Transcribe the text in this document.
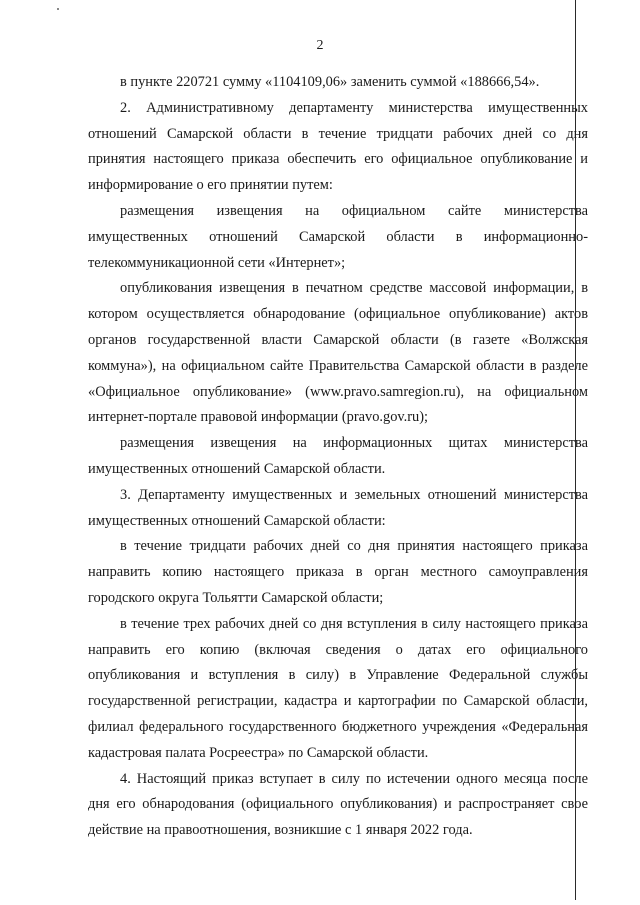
2

в пункте 220721 сумму «1104109,06» заменить суммой «188666,54».

2. Административному департаменту министерства имущественных отношений Самарской области в течение тридцати рабочих дней со дня принятия настоящего приказа обеспечить его официальное опубликование и информирование о его принятии путем:

размещения извещения на официальном сайте министерства имущественных отношений Самарской области в информационно-телекоммуникационной сети «Интернет»;

опубликования извещения в печатном средстве массовой информации, в котором осуществляется обнародование (официальное опубликование) актов органов государственной власти Самарской области (в газете «Волжская коммуна»), на официальном сайте Правительства Самарской области в разделе «Официальное опубликование» (www.pravo.samregion.ru), на официальном интернет-портале правовой информации (pravo.gov.ru);

размещения извещения на информационных щитах министерства имущественных отношений Самарской области.

3. Департаменту имущественных и земельных отношений министерства имущественных отношений Самарской области:

в течение тридцати рабочих дней со дня принятия настоящего приказа направить копию настоящего приказа в орган местного самоуправления городского округа Тольятти Самарской области;

в течение трех рабочих дней со дня вступления в силу настоящего приказа направить его копию (включая сведения о датах его официального опубликования и вступления в силу) в Управление Федеральной службы государственной регистрации, кадастра и картографии по Самарской области, филиал федерального государственного бюджетного учреждения «Федеральная кадастровая палата Росреестра» по Самарской области.

4. Настоящий приказ вступает в силу по истечении одного месяца после дня его обнародования (официального опубликования) и распространяет свое действие на правоотношения, возникшие с 1 января 2022 года.
